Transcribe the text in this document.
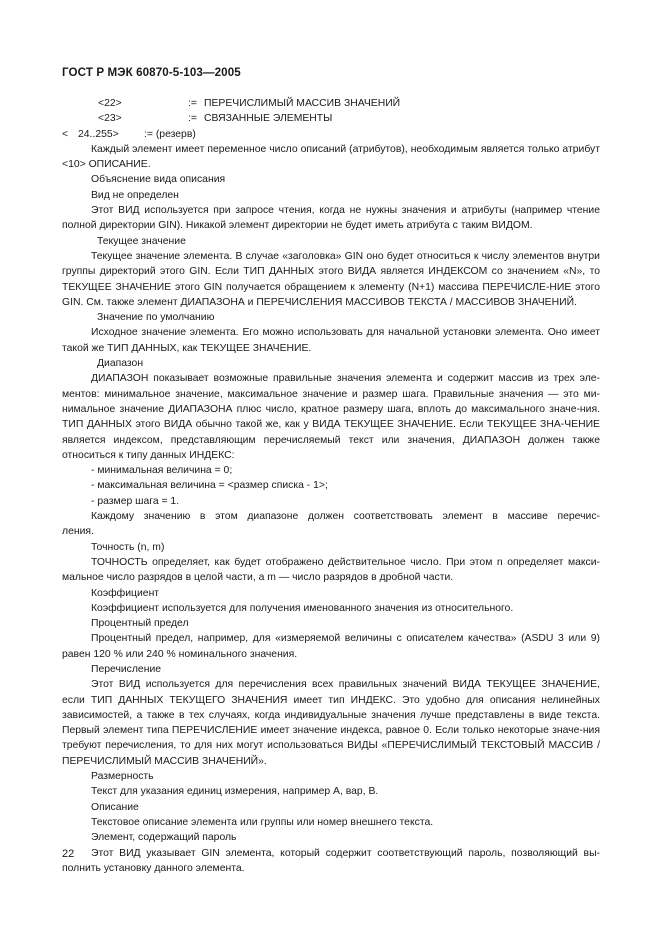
ГОСТ Р МЭК 60870-5-103—2005
<22>	:= ПЕРЕЧИСЛИМЫЙ МАССИВ ЗНАЧЕНИЙ
<23>	:= СВЯЗАННЫЕ ЭЛЕМЕНТЫ
< 24..255>	:= (резерв)
Каждый элемент имеет переменное число описаний (атрибутов), необходимым является только атрибут <10> ОПИСАНИЕ.
Объяснение вида описания
Вид не определен
Этот ВИД используется при запросе чтения, когда не нужны значения и атрибуты (например чтение полной директории GIN). Никакой элемент директории не будет иметь атрибута с таким ВИДОМ.
Текущее значение
Текущее значение элемента. В случае «заголовка» GIN оно будет относиться к числу элементов внутри группы директорий этого GIN. Если ТИП ДАННЫХ этого ВИДА является ИНДЕКСОМ со значением «N», то ТЕКУЩЕЕ ЗНАЧЕНИЕ этого GIN получается обращением к элементу (N+1) массива ПЕРЕЧИСЛЕ-НИЕ этого GIN. См. также элемент ДИАПАЗОНА и ПЕРЕЧИСЛЕНИЯ МАССИВОВ ТЕКСТА / МАССИВОВ ЗНАЧЕНИЙ.
Значение по умолчанию
Исходное значение элемента. Его можно использовать для начальной установки элемента. Оно имеет такой же ТИП ДАННЫХ, как ТЕКУЩЕЕ ЗНАЧЕНИЕ.
Диапазон
ДИАПАЗОН показывает возможные правильные значения элемента и содержит массив из трех эле-ментов: минимальное значение, максимальное значение и размер шага. Правильные значения — это ми-нимальное значение ДИАПАЗОНА плюс число, кратное размеру шага, вплоть до максимального значе-ния. ТИП ДАННЫХ этого ВИДА обычно такой же, как у ВИДА ТЕКУЩЕЕ ЗНАЧЕНИЕ. Если ТЕКУЩЕЕ ЗНА-ЧЕНИЕ является индексом, представляющим перечисляемый текст или значения, ДИАПАЗОН должен также относиться к типу данных ИНДЕКС:
- минимальная величина = 0;
- максимальная величина = <размер списка - 1>;
- размер шага = 1.
Каждому значению в этом диапазоне должен соответствовать элемент в массиве перечис-ления.
Точность (n, m)
ТОЧНОСТЬ определяет, как будет отображено действительное число. При этом n определяет макси-мальное число разрядов в целой части, а m — число разрядов в дробной части.
Коэффициент
Коэффициент используется для получения именованного значения из относительного.
Процентный предел
Процентный предел, например, для «измеряемой величины с описателем качества» (ASDU 3 или 9) равен 120 % или 240 % номинального значения.
Перечисление
Этот ВИД используется для перечисления всех правильных значений ВИДА ТЕКУЩЕЕ ЗНАЧЕНИЕ, если ТИП ДАННЫХ ТЕКУЩЕГО ЗНАЧЕНИЯ имеет тип ИНДЕКС. Это удобно для описания нелинейных зависимостей, а также в тех случаях, когда индивидуальные значения лучше представлены в виде текста. Первый элемент типа ПЕРЕЧИСЛЕНИЕ имеет значение индекса, равное 0. Если только некоторые значе-ния требуют перечисления, то для них могут использоваться ВИДЫ «ПЕРЕЧИСЛИМЫЙ ТЕКСТОВЫЙ МАССИВ / ПЕРЕЧИСЛИМЫЙ МАССИВ ЗНАЧЕНИЙ».
Размерность
Текст для указания единиц измерения, например А, вар, В.
Описание
Текстовое описание элемента или группы или номер внешнего текста.
Элемент, содержащий пароль
Этот ВИД указывает GIN элемента, который содержит соответствующий пароль, позволяющий вы-полнить установку данного элемента.
22
